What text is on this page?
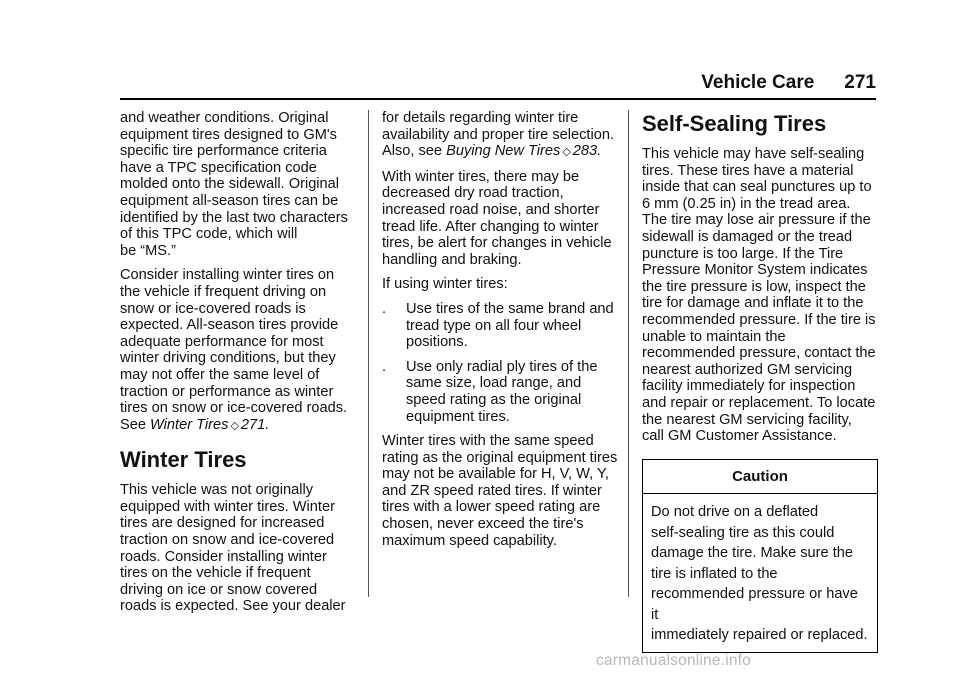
Vehicle Care 271

and weather conditions. Original
equipment tires designed to GM's
specific tire performance criteria
have a TPC specification code
molded onto the sidewall. Original
equipment all-season tires can be
identified by the last two characters
of this TPC code, which will
be “MS.”

Consider installing winter tires on
the vehicle if frequent driving on
snow or ice-covered roads is
expected. All-season tires provide
adequate performance for most
winter driving conditions, but they
may not offer the same level of
traction or performance as winter
tires on snow or ice-covered roads.
See Winter Tires ◇ 271.

Winter Tires

This vehicle was not originally
equipped with winter tires. Winter
tires are designed for increased
traction on snow and ice-covered
roads. Consider installing winter
tires on the vehicle if frequent
driving on ice or snow covered
roads is expected. See your dealer

for details regarding winter tire
availability and proper tire selection.
Also, see Buying New Tires ◇ 283.

With winter tires, there may be
decreased dry road traction,
increased road noise, and shorter
tread life. After changing to winter
tires, be alert for changes in vehicle
handling and braking.

If using winter tires:

.	Use tires of the same brand and
tread type on all four wheel
positions.
.	Use only radial ply tires of the
same size, load range, and
speed rating as the original
equipment tires.

Winter tires with the same speed
rating as the original equipment tires
may not be available for H, V, W, Y,
and ZR speed rated tires. If winter
tires with a lower speed rating are
chosen, never exceed the tire's
maximum speed capability.

Self-Sealing Tires

This vehicle may have self-sealing
tires. These tires have a material
inside that can seal punctures up to
6 mm (0.25 in) in the tread area.
The tire may lose air pressure if the
sidewall is damaged or the tread
puncture is too large. If the Tire
Pressure Monitor System indicates
the tire pressure is low, inspect the
tire for damage and inflate it to the
recommended pressure. If the tire is
unable to maintain the
recommended pressure, contact the
nearest authorized GM servicing
facility immediately for inspection
and repair or replacement. To locate
the nearest GM servicing facility,
call GM Customer Assistance.

Caution
Do not drive on a deflated
self-sealing tire as this could
damage the tire. Make sure the
tire is inflated to the
recommended pressure or have it
immediately repaired or replaced.
carmanualsonline.info
